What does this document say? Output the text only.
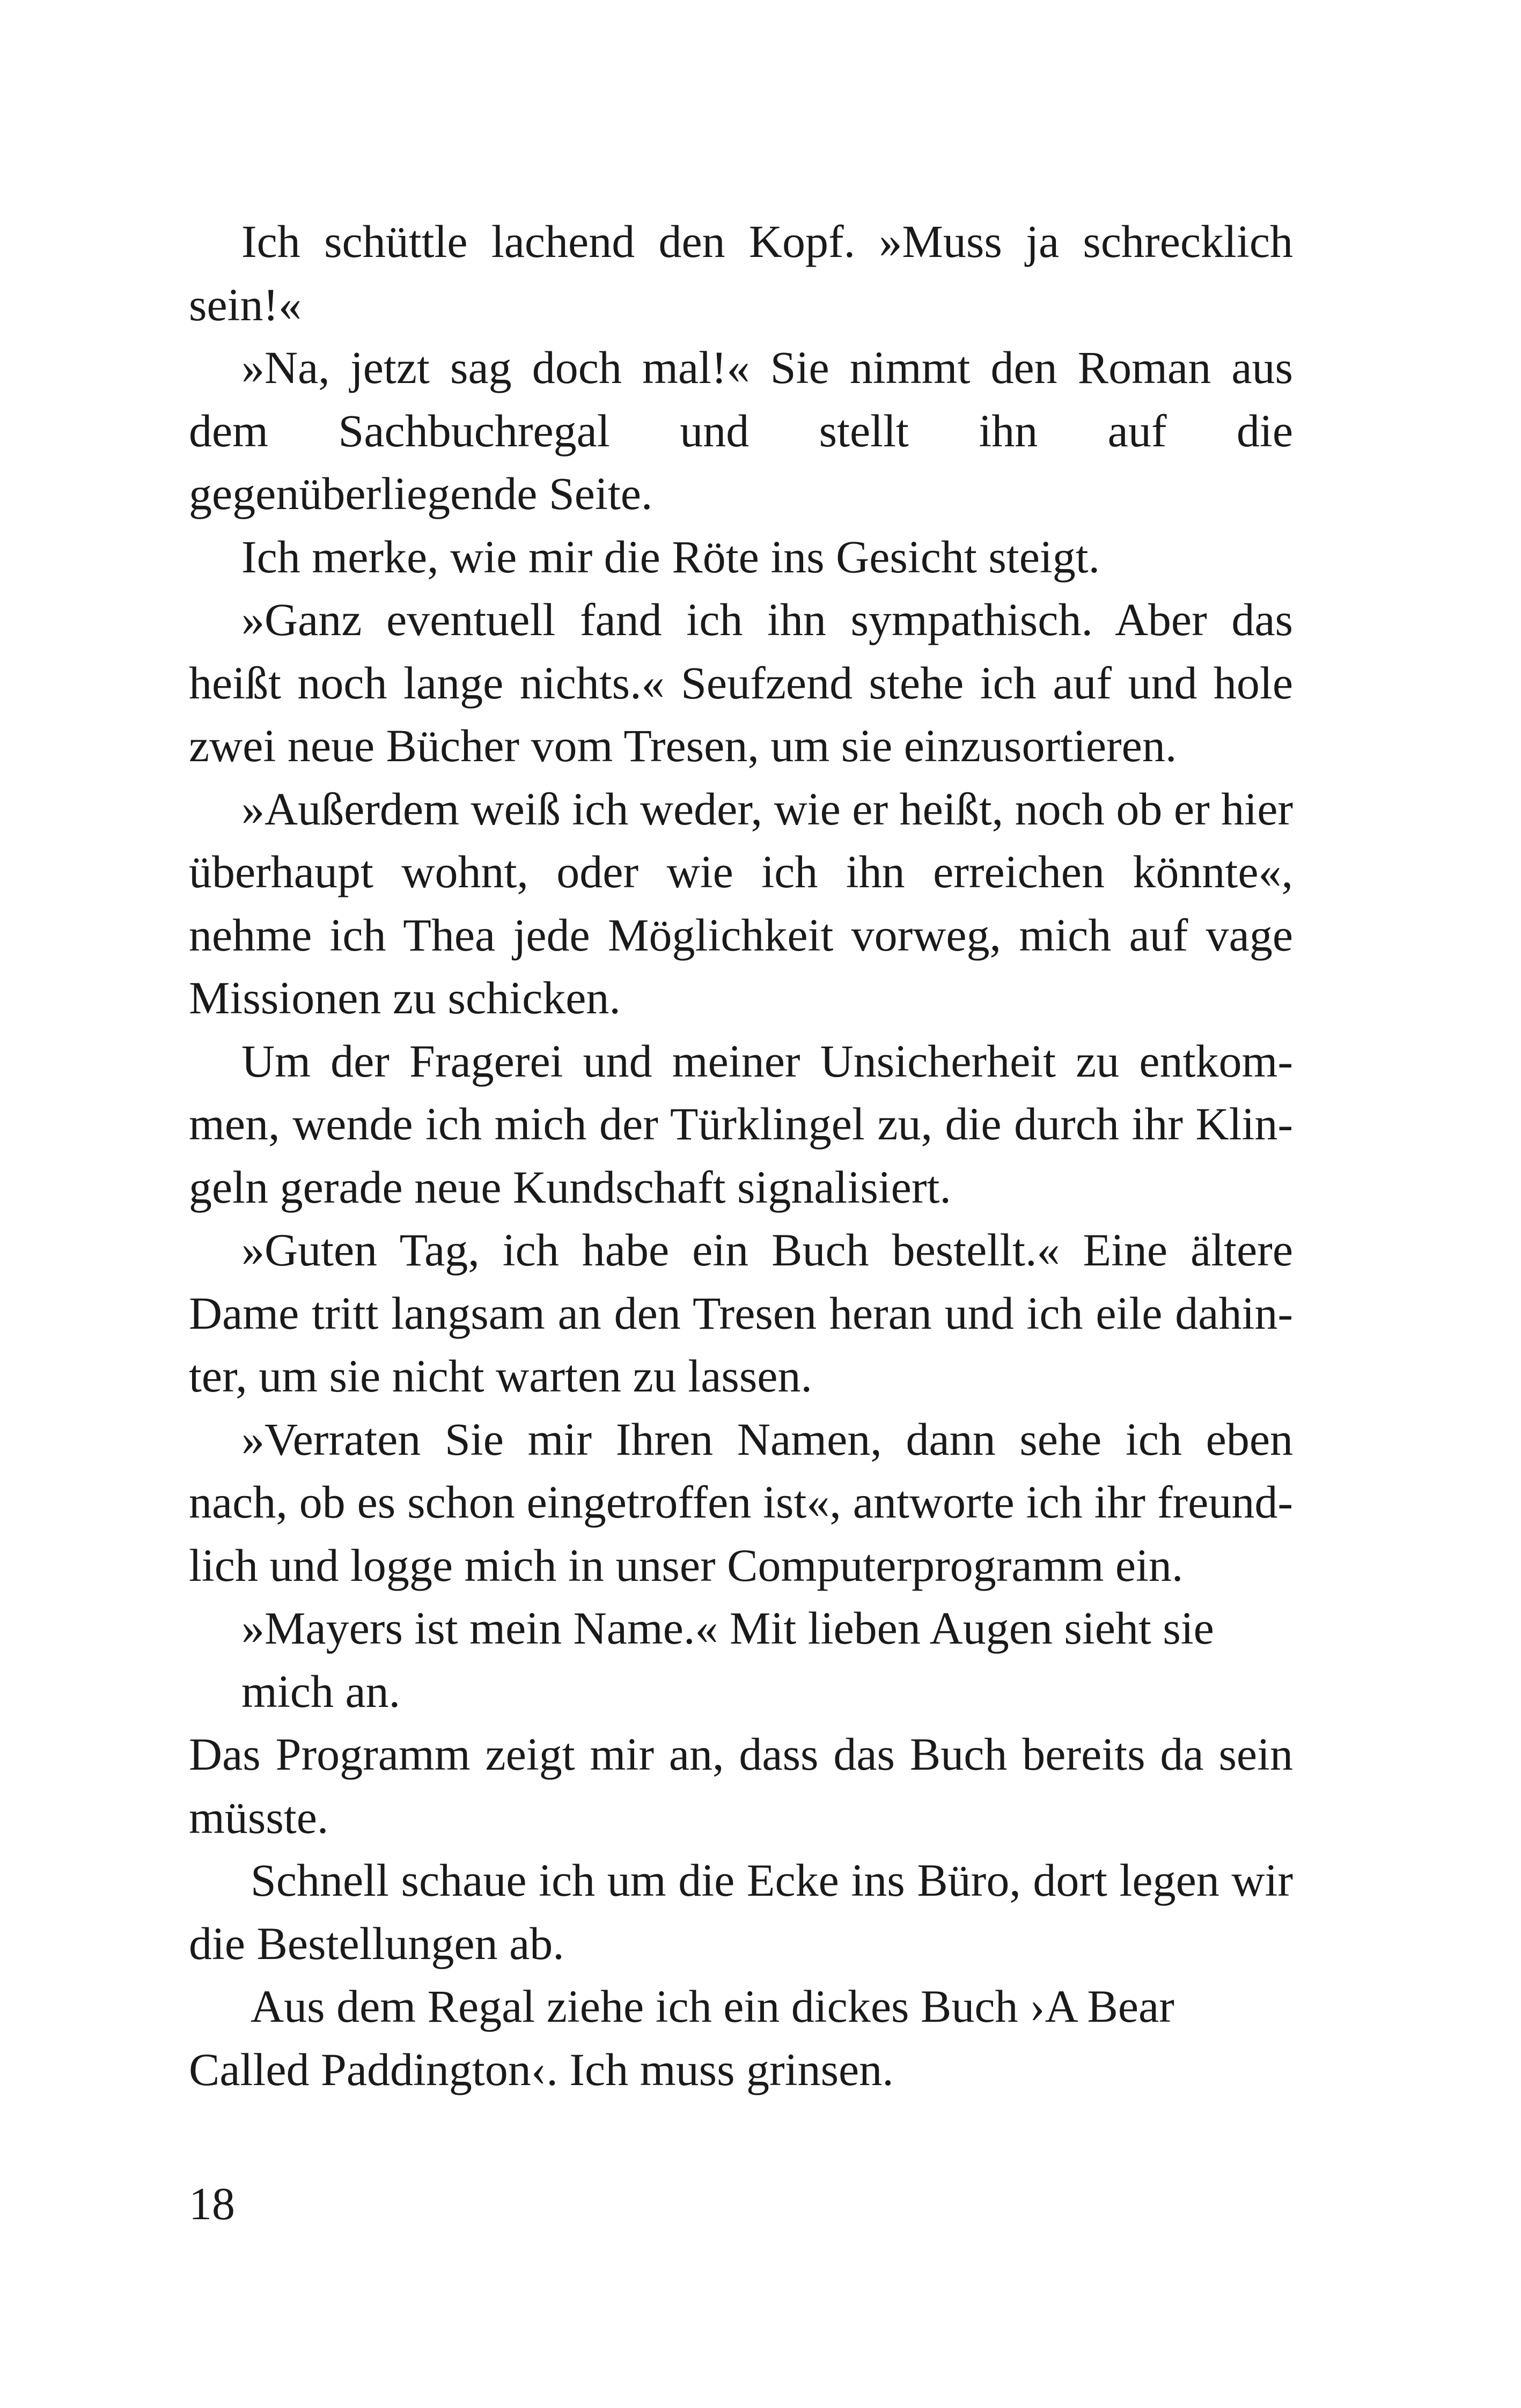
Ich schüttle lachend den Kopf. »Muss ja schrecklich sein!«

»Na, jetzt sag doch mal!« Sie nimmt den Roman aus dem Sachbuchregal und stellt ihn auf die gegenüberliegende Seite.

Ich merke, wie mir die Röte ins Gesicht steigt.

»Ganz eventuell fand ich ihn sympathisch. Aber das heißt noch lange nichts.« Seufzend stehe ich auf und hole zwei neue Bücher vom Tresen, um sie einzusortieren.

»Außerdem weiß ich weder, wie er heißt, noch ob er hier überhaupt wohnt, oder wie ich ihn erreichen könnte«, nehme ich Thea jede Möglichkeit vorweg, mich auf vage Missionen zu schicken.

Um der Fragerei und meiner Unsicherheit zu entkommen, wende ich mich der Türklingel zu, die durch ihr Klingeln gerade neue Kundschaft signalisiert.

»Guten Tag, ich habe ein Buch bestellt.« Eine ältere Dame tritt langsam an den Tresen heran und ich eile dahinter, um sie nicht warten zu lassen.

»Verraten Sie mir Ihren Namen, dann sehe ich eben nach, ob es schon eingetroffen ist«, antworte ich ihr freundlich und logge mich in unser Computerprogramm ein.

»Mayers ist mein Name.« Mit lieben Augen sieht sie mich an.

Das Programm zeigt mir an, dass das Buch bereits da sein müsste.

Schnell schaue ich um die Ecke ins Büro, dort legen wir die Bestellungen ab.

Aus dem Regal ziehe ich ein dickes Buch ›A Bear Called Paddington‹. Ich muss grinsen.

18
